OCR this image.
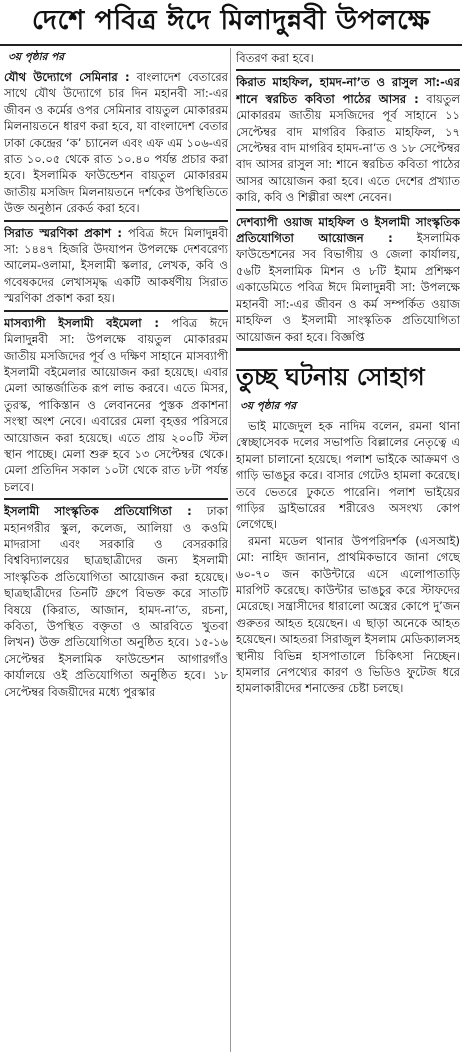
দেশে পবিত্র ঈদে মিলাদুন্নবী উপলক্ষে
৩য় পৃষ্ঠার পর

যৌথ উদ্যোগে সেমিনার : বাংলাদেশ বেতারের সাথে যৌথ উদ্যোগে চার দিন মহানবী সা:-এর জীবন ও কর্মের ওপর সেমিনার বায়তুল মোকাররম মিলনায়তনে ধারণ করা হবে, যা বাংলাদেশ বেতার ঢাকা কেন্দ্রের ‘ক’ চ্যানেল এবং এফ এম ১০৬-এর রাত ১০.০৫ থেকে রাত ১০.৪০ পর্যন্ত প্রচার করা হবে। ইসলামিক ফাউন্ডেশন বায়তুল মোকাররম জাতীয় মসজিদ মিলনায়তনে দর্শকের উপস্থিতিতে উক্ত অনুষ্ঠান রেকর্ড করা হবে।

সিরাত স্মরণিকা প্রকাশ : পবিত্র ঈদে মিলাদুন্নবী সা: ১৪৪৭ হিজরি উদযাপন উপলক্ষে দেশবরেণ্য আলেম-ওলামা, ইসলামী স্কলার, লেখক, কবি ও গবেষকদের লেখাসমৃদ্ধ একটি আকর্ষণীয় সিরাত স্মরণিকা প্রকাশ করা হয়।

মাসব্যাপী ইসলামী বইমেলা : পবিত্র ঈদে মিলাদুন্নবী সা: উপলক্ষে বায়তুল মোকাররম জাতীয় মসজিদের পূর্ব ও দক্ষিণ সাহানে মাসব্যাপী ইসলামী বইমেলার আয়োজন করা হয়েছে। এবার মেলা আন্তর্জাতিক রূপ লাভ করবে। এতে মিসর, তুরস্ক, পাকিস্তান ও লেবাননের পুস্তক প্রকাশনা সংস্থা অংশ নেবে। এবারের মেলা বৃহত্তর পরিসরে আয়োজন করা হয়েছে। এতে প্রায় ২০০টি স্টল স্থান পাচ্ছে। মেলা শুরু হবে ১৩ সেপ্টেম্বর থেকে। মেলা প্রতিদিন সকাল ১০টা থেকে রাত ৮টা পর্যন্ত চলবে।

ইসলামী সাংস্কৃতিক প্রতিযোগিতা : ঢাকা মহানগরীর স্কুল, কলেজ, আলিয়া ও কওমি মাদরাসা এবং সরকারি ও বেসরকারি বিশ্ববিদ্যালয়ের ছাত্রছাত্রীদের জন্য ইসলামী সাংস্কৃতিক প্রতিযোগিতা আয়োজন করা হয়েছে। ছাত্রছাত্রীদের তিনটি গ্রুপে বিভক্ত করে সাতটি বিষয়ে (কিরাত, আজান, হামদ-না’ত, রচনা, কবিতা, উপস্থিত বক্তৃতা ও আরবিতে খুতবা লিখন) উক্ত প্রতিযোগিতা অনুষ্ঠিত হবে। ১৫-১৬ সেপ্টেম্বর ইসলামিক ফাউন্ডেশন আগারগাঁও কার্যালয়ে ওই প্রতিযোগিতা অনুষ্ঠিত হবে। ১৮ সেপ্টেম্বর বিজয়ীদের মধ্যে পুরস্কার

বিতরণ করা হবে।

কিরাত মাহফিল, হামদ-না’ত ও রাসুল সা:-এর শানে স্বরচিত কবিতা পাঠের আসর : বায়তুল মোকাররম জাতীয় মসজিদের পূর্ব সাহানে ১১ সেপ্টেম্বর বাদ মাগরিব কিরাত মাহফিল, ১৭ সেপ্টেম্বর বাদ মাগরিব হামদ-না’ত ও ১৮ সেপ্টেম্বর বাদ আসর রাসুল সা: শানে স্বরচিত কবিতা পাঠের আসর আয়োজন করা হবে। এতে দেশের প্রখ্যাত কারি, কবি ও শিল্পীরা অংশ নেবেন।

দেশব্যাপী ওয়াজ মাহফিল ও ইসলামী সাংস্কৃতিক প্রতিযোগিতা আয়োজন : ইসলামিক ফাউন্ডেশনের সব বিভাগীয় ও জেলা কার্যালয়, ৫৬টি ইসলামিক মিশন ও ৮টি ইমাম প্রশিক্ষণ একাডেমিতে পবিত্র ঈদে মিলাদুন্নবী সা: উপলক্ষে মহানবী সা:-এর জীবন ও কর্ম সম্পর্কিত ওয়াজ মাহফিল ও ইসলামী সাংস্কৃতিক প্রতিযোগিতা আয়োজন করা হবে। বিজ্ঞপ্তি

তুচ্ছ ঘটনায় সোহাগ
৩য় পৃষ্ঠার পর

ভাই মাজেদুল হক নাদিম বলেন, রমনা থানা স্বেচ্ছাসেবক দলের সভাপতি বিল্লালের নেতৃত্বে এ হামলা চালানো হয়েছে। পলাশ ভাইকে আক্রমণ ও গাড়ি ভাঙচুর করে। বাসার গেটেও হামলা করেছে। তবে ভেতরে ঢুকতে পারেনি। পলাশ ভাইয়ের গাড়ির ড্রাইভারের শরীরেও অসংখ্য কোপ লেগেছে।

রমনা মডেল থানার উপপরিদর্শক (এসআই) মো: নাহিদ জানান, প্রাথমিকভাবে জানা গেছে ৬০-৭০ জন কাউন্টারে এসে এলোপাতাড়ি মারপিট করেছে। কাউন্টার ভাঙচুর করে স্টাফদের মেরেছে। সন্ত্রাসীদের ধারালো অস্ত্রের কোপে দু’জন গুরুতর আহত হয়েছেন। এ ছাড়া অনেকে আহত হয়েছেন। আহতরা সিরাজুল ইসলাম মেডিক্যালসহ স্থানীয় বিভিন্ন হাসপাতালে চিকিৎসা নিচ্ছেন। হামলার নেপথ্যের কারণ ও ভিডিও ফুটেজ ধরে হামলাকারীদের শনাক্তের চেষ্টা চলছে।
